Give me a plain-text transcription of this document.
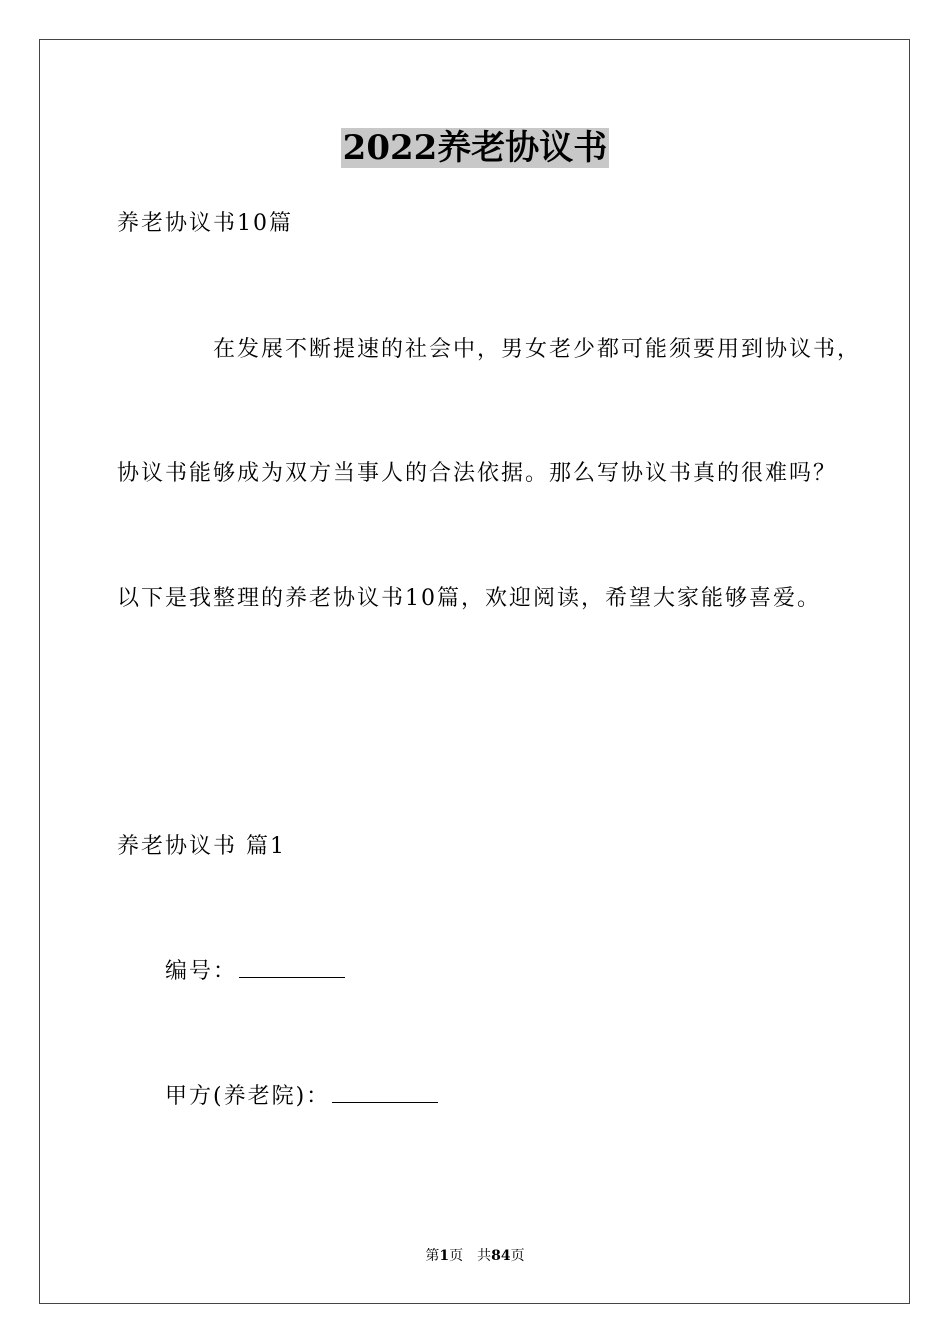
2022养老协议书
养老协议书10篇
在发展不断提速的社会中，男女老少都可能须要用到协议书，
协议书能够成为双方当事人的合法依据。那么写协议书真的很难吗？
以下是我整理的养老协议书10篇，欢迎阅读，希望大家能够喜爱。
养老协议书 篇1
编号：
甲方(养老院)：
第1页 共84页
